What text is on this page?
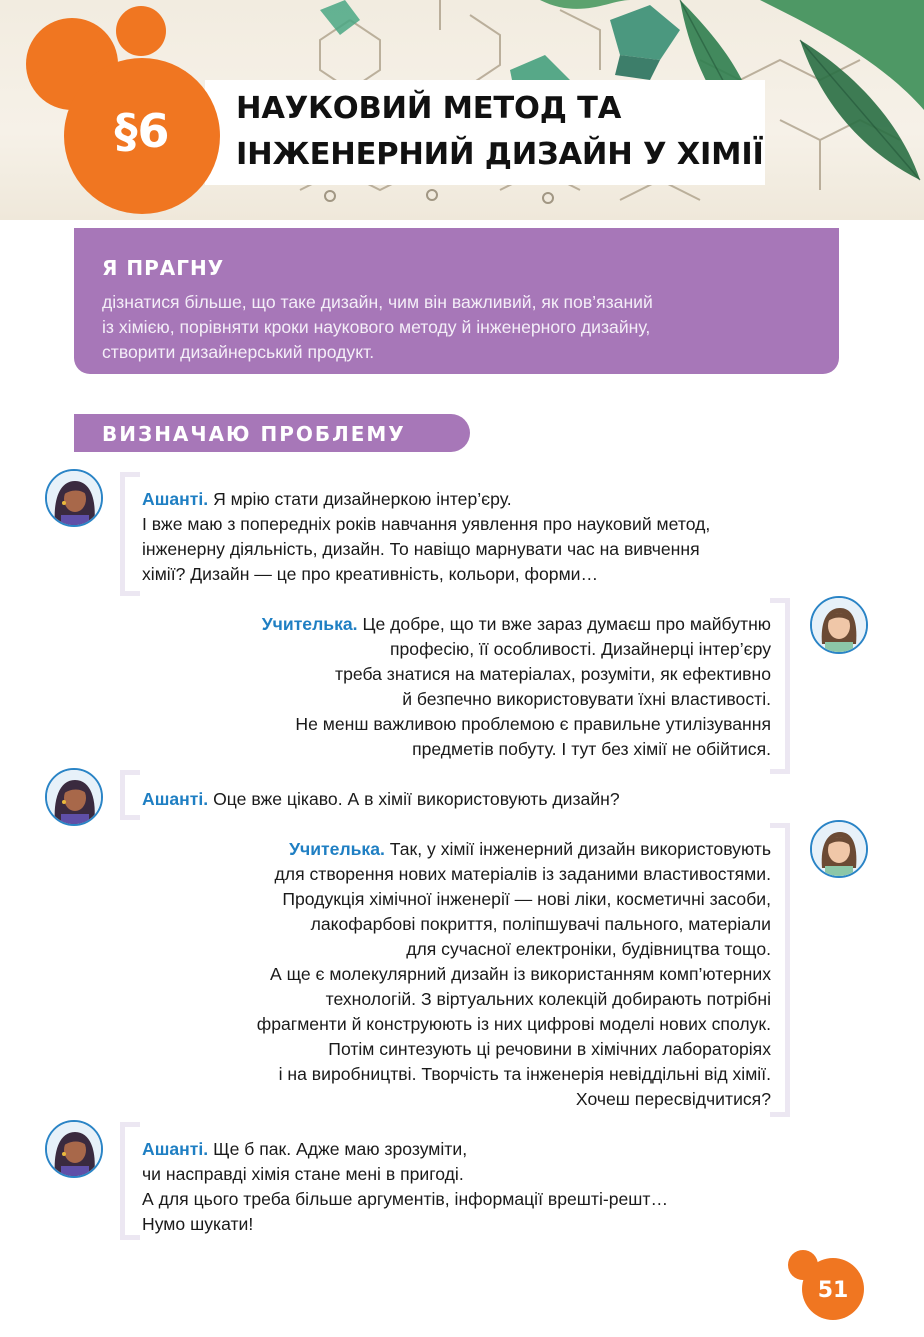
НАУКОВИЙ МЕТОД ТА
ІНЖЕНЕРНИЙ ДИЗАЙН У ХІМІЇ
§6
Я ПРАГНУ
дізнатися більше, що таке дизайн, чим він важливий, як пов’язаний
із хімією, порівняти кроки наукового методу й інженерного дизайну,
створити дизайнерський продукт.
ВИЗНАЧАЮ ПРОБЛЕМУ
Ашанті. Я мрію стати дизайнеркою інтер’єру.
І вже маю з попередніх років навчання уявлення про науковий метод,
інженерну діяльність, дизайн. То навіщо марнувати час на вивчення
хімії? Дизайн — це про креативність, кольори, форми…
Учителька. Це добре, що ти вже зараз думаєш про майбутню
професію, її особливості. Дизайнерці інтер’єру
треба знатися на матеріалах, розуміти, як ефективно
й безпечно використовувати їхні властивості.
Не менш важливою проблемою є правильне утилізування
предметів побуту. І тут без хімії не обійтися.
Ашанті. Оце вже цікаво. А в хімії використовують дизайн?
Учителька. Так, у хімії інженерний дизайн використовують
для створення нових матеріалів із заданими властивостями.
Продукція хімічної інженерії — нові ліки, косметичні засоби,
лакофарбові покриття, поліпшувачі пального, матеріали
для сучасної електроніки, будівництва тощо.
А ще є молекулярний дизайн із використанням комп’ютерних
технологій. З віртуальних колекцій добирають потрібні
фрагменти й конструюють із них цифрові моделі нових сполук.
Потім синтезують ці речовини в хімічних лабораторіях
і на виробництві. Творчість та інженерія невіддільні від хімії.
Хочеш пересвідчитися?
Ашанті. Ще б пак. Адже маю зрозуміти,
чи насправді хімія стане мені в пригоді.
А для цього треба більше аргументів, інформації врешті-решт…
Нумо шукати!
51
